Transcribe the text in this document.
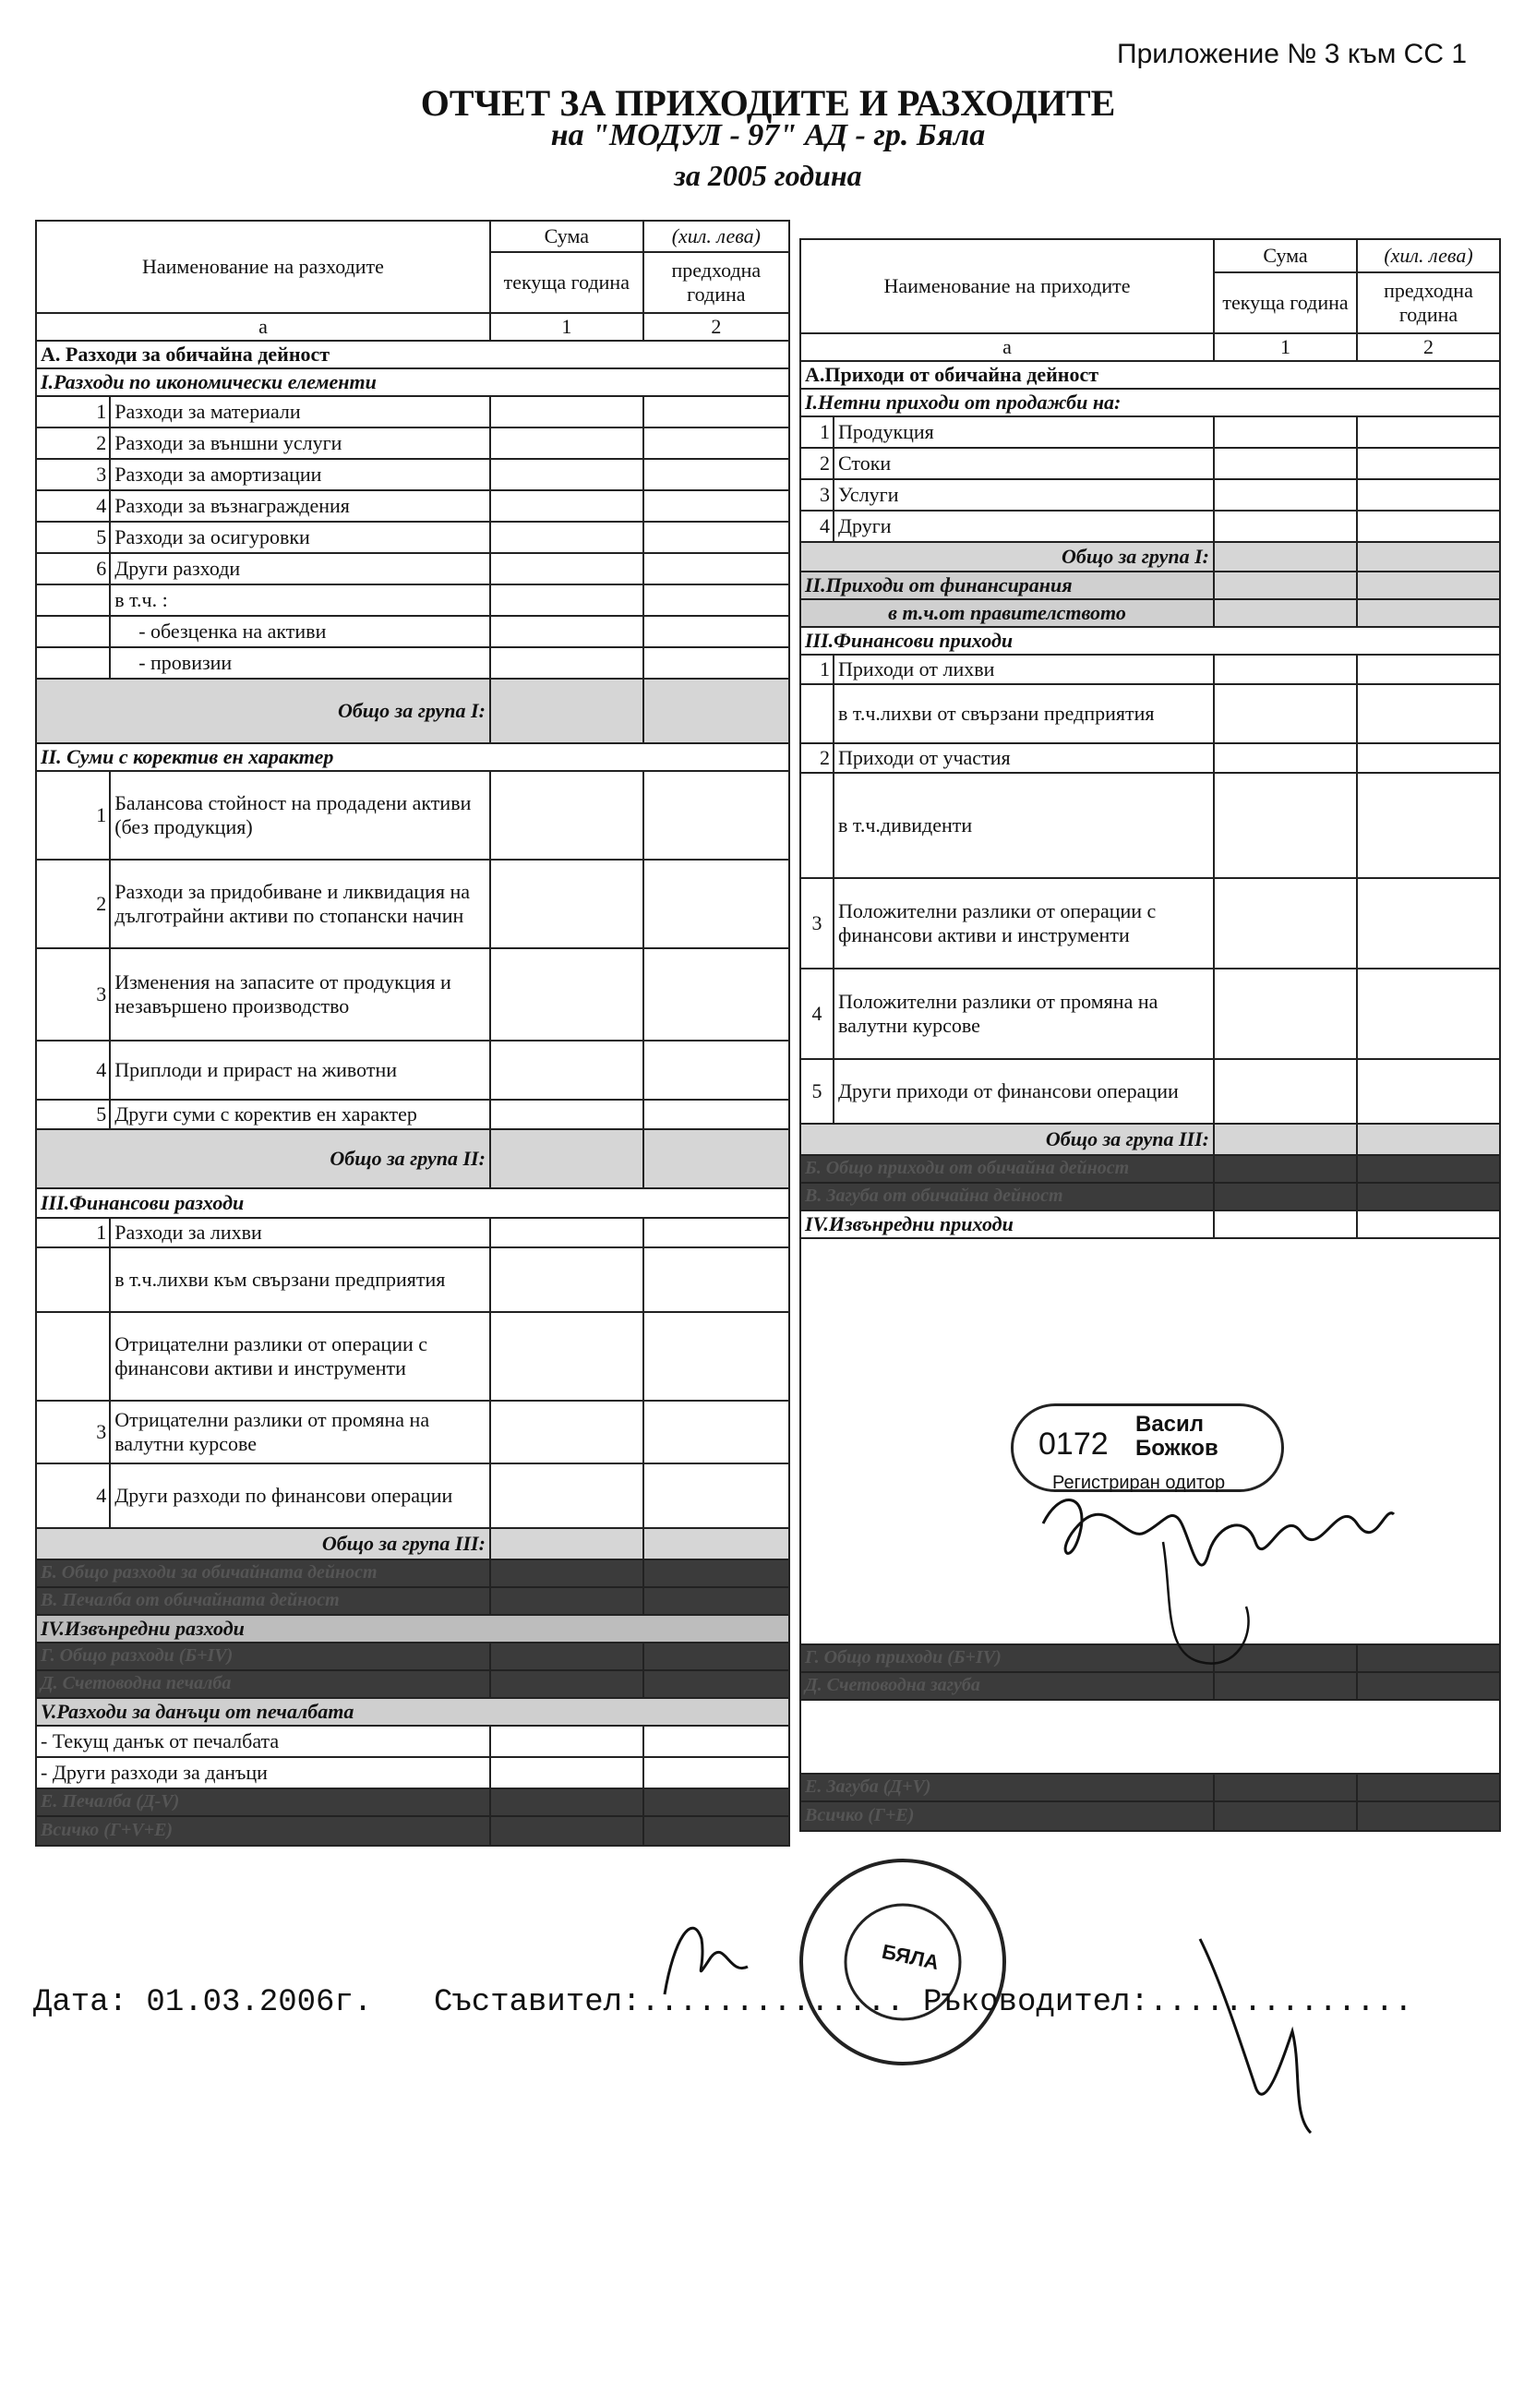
Приложение № 3 към СС 1
ОТЧЕТ ЗА ПРИХОДИТЕ И РАЗХОДИТЕ
на "МОДУЛ - 97" АД - гр. Бяла
за 2005 година
Наименование на разходите		Сума	(хил. лева)
		текуща година	предходна година
а		1	2
А. Разходи за обичайна дейност			
I.Разходи по икономически елементи			
1	Разходи за материали		
2	Разходи за външни услуги		
3	Разходи за амортизации		
4	Разходи за възнаграждения		
5	Разходи за осигуровки		
6	Други разходи		
	в т.ч. :		
	- обезценка на активи		
	- провизии		
Общо за група I:			
II. Суми с коректив ен характер			
1	Балансова стойност на продадени активи (без продукция)		
2	Разходи за придобиване и ликвидация на дълготрайни активи по стопански начин		
3	Изменения на запасите от продукция и незавършено производство		
4	Приплоди и прираст на животни		
5	Други суми с коректив ен характер		
Общо за група II:			
III.Финансови разходи			
1	Разходи за лихви		
	в т.ч.лихви към свързани предприятия		
	Отрицателни разлики от операции с финансови активи и инструменти		
3	Отрицателни разлики от промяна на валутни курсове		
4	Други разходи по финансови операции		
Общо за група III:			
Б. Общо разходи за обичайната дейност			
В. Печалба от обичайната дейност			
IV.Извънредни разходи			
Г. Общо разходи (Б+IV)			
Д. Счетоводна печалба			
V.Разходи за данъци от печалбата			
- Текущ данък от печалбата			
- Други разходи за данъци			
Е. Печалба (Д-V)			
Всичко (Г+V+Е)			
Наименование на приходите		Сума	(хил. лева)
		текуща година	предходна година
а		1	2
А.Приходи от обичайна дейност			
I.Нетни приходи от продажби на:			
1	Продукция		
2	Стоки		
3	Услуги		
4	Други		
Общо за група I:			
II.Приходи от финансирания			
в т.ч.от правителството			
III.Финансови приходи			
1	Приходи от лихви		
	в т.ч.лихви от свързани предприятия		
2	Приходи от участия		
	в т.ч.дивиденти		
3	Положителни разлики от операции с финансови активи и инструменти		
4	Положителни разлики от промяна на валутни курсове		
5	Други приходи от финансови операции		
Общо за група III:			
Б. Общо приходи от обичайна дейност			
В. Загуба от обичайна дейност			
IV.Извънредни приходи			

Г. Общо приходи (Б+IV)			
Д. Счетоводна загуба			

Е. Загуба (Д+V)			
Всичко (Г+Е)			
0172
Васил Божков
Регистриран одитор
БЯЛА
Дата: 01.03.2006г. Съставител:.............. Ръководител:..............
